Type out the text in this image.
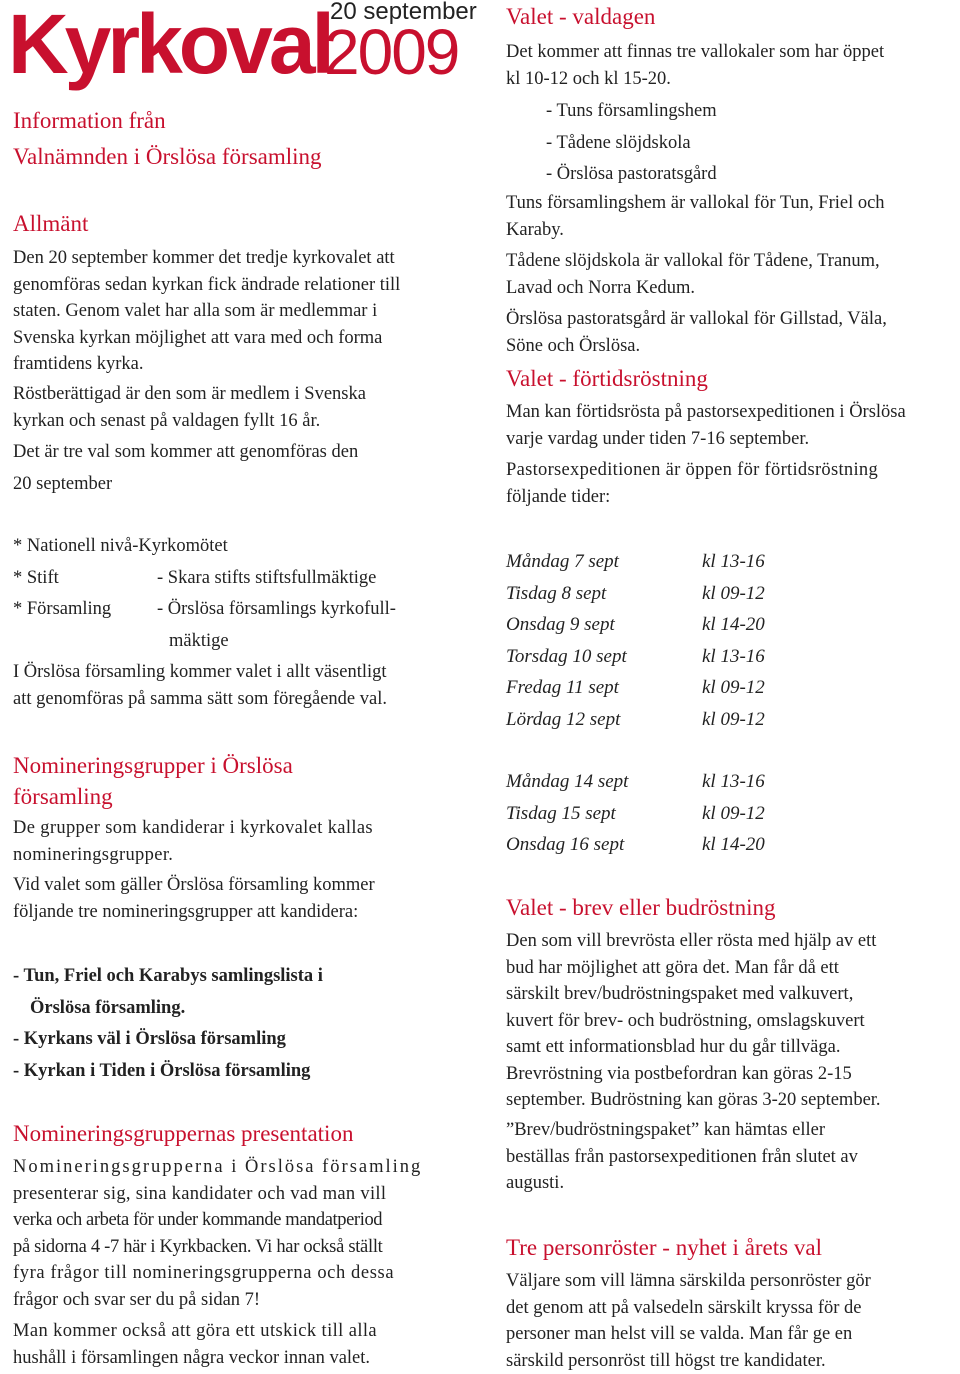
Kyrkoval 20 september
2009
Information från
Valnämnden i Örslösa församling
Allmänt
Den 20 september kommer det tredje kyrkovalet att
genomföras sedan kyrkan fick ändrade relationer till
staten. Genom valet har alla som är medlemmar i
Svenska kyrkan möjlighet att vara med och forma
framtidens kyrka.
Röstberättigad är den som är medlem i Svenska
kyrkan och senast på valdagen fyllt 16 år.
Det är tre val som kommer att genomföras den
20 september
* Nationell nivå-Kyrkomötet
* Stift	- Skara stifts stiftsfullmäktige
* Församling - Örslösa församlings kyrkofull-
mäktige
I Örslösa församling kommer valet i allt väsentligt
att genomföras på samma sätt som föregående val.
Nomineringsgrupper i Örslösa
församling
De grupper som kandiderar i kyrkovalet kallas
nomineringsgrupper.
Vid valet som gäller Örslösa församling kommer
följande tre nomineringsgrupper att kandidera:
- Tun, Friel och Karabys samlingslista i
Örslösa församling.
- Kyrkans väl i Örslösa församling
- Kyrkan i Tiden i Örslösa församling
Nomineringsgruppernas presentation
Nomineringsgrupperna i Örslösa församling
presenterar sig, sina kandidater och vad man vill
verka och arbeta för under kommande mandatperiod
på sidorna 4 -7 här i Kyrkbacken. Vi har också ställt
fyra frågor till nomineringsgrupperna och dessa
frågor och svar ser du på sidan 7!
Man kommer också att göra ett utskick till alla
hushåll i församlingen några veckor innan valet.
Valet - valdagen
Det kommer att finnas tre vallokaler som har öppet
kl 10-12 och kl 15-20.
- Tuns församlingshem
- Tådene slöjdskola
- Örslösa pastoratsgård
Tuns församlingshem är vallokal för Tun, Friel och
Karaby.
Tådene slöjdskola är vallokal för Tådene, Tranum,
Lavad och Norra Kedum.
Örslösa pastoratsgård är vallokal för Gillstad, Väla,
Söne och Örslösa.
Valet - förtidsröstning
Man kan förtidsrösta på pastorsexpeditionen i Örslösa
varje vardag under tiden 7-16 september.
Pastorsexpeditionen är öppen för förtidsröstning
följande tider:
Måndag 7 sept	kl 13-16
Tisdag 8 sept	kl 09-12
Onsdag 9 sept	kl 14-20
Torsdag 10 sept	kl 13-16
Fredag 11 sept	kl 09-12
Lördag 12 sept	kl 09-12
Måndag 14 sept	kl 13-16
Tisdag 15 sept	kl 09-12
Onsdag 16 sept	kl 14-20
Valet - brev eller budröstning
Den som vill brevrösta eller rösta med hjälp av ett
bud har möjlighet att göra det. Man får då ett
särskilt brev/budröstningspaket med valkuvert,
kuvert för brev- och budröstning, omslagskuvert
samt ett informationsblad hur du går tillväga.
Brevröstning via postbefordran kan göras 2-15
september. Budröstning kan göras 3-20 september.
”Brev/budröstningspaket” kan hämtas eller
beställas från pastorsexpeditionen från slutet av
augusti.
Tre personröster - nyhet i årets val
Väljare som vill lämna särskilda personröster gör
det genom att på valsedeln särskilt kryssa för de
personer man helst vill se valda. Man får ge en
särskild personröst till högst tre kandidater.
